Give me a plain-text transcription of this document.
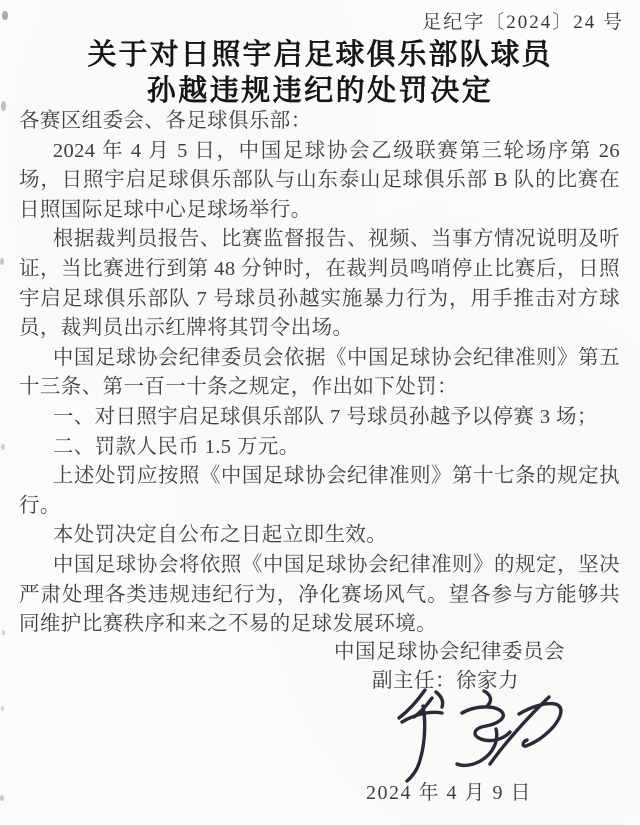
足纪字〔2024〕24 号
关于对日照宇启足球俱乐部队球员
孙越违规违纪的处罚决定

各赛区组委会、各足球俱乐部：

2024 年 4 月 5 日，中国足球协会乙级联赛第三轮场序第 26 场，日照宇启足球俱乐部队与山东泰山足球俱乐部 B 队的比赛在日照国际足球中心足球场举行。

根据裁判员报告、比赛监督报告、视频、当事方情况说明及听证，当比赛进行到第 48 分钟时，在裁判员鸣哨停止比赛后，日照宇启足球俱乐部队 7 号球员孙越实施暴力行为，用手推击对方球员，裁判员出示红牌将其罚令出场。

中国足球协会纪律委员会依据《中国足球协会纪律准则》第五十三条、第一百一十条之规定，作出如下处罚：

一、对日照宇启足球俱乐部队 7 号球员孙越予以停赛 3 场；

二、罚款人民币 1.5 万元。

上述处罚应按照《中国足球协会纪律准则》第十七条的规定执行。

本处罚决定自公布之日起立即生效。

中国足球协会将依照《中国足球协会纪律准则》的规定，坚决严肃处理各类违规违纪行为，净化赛场风气。望各参与方能够共同维护比赛秩序和来之不易的足球发展环境。

中国足球协会纪律委员会
副主任：徐家力
2024 年 4 月 9 日
